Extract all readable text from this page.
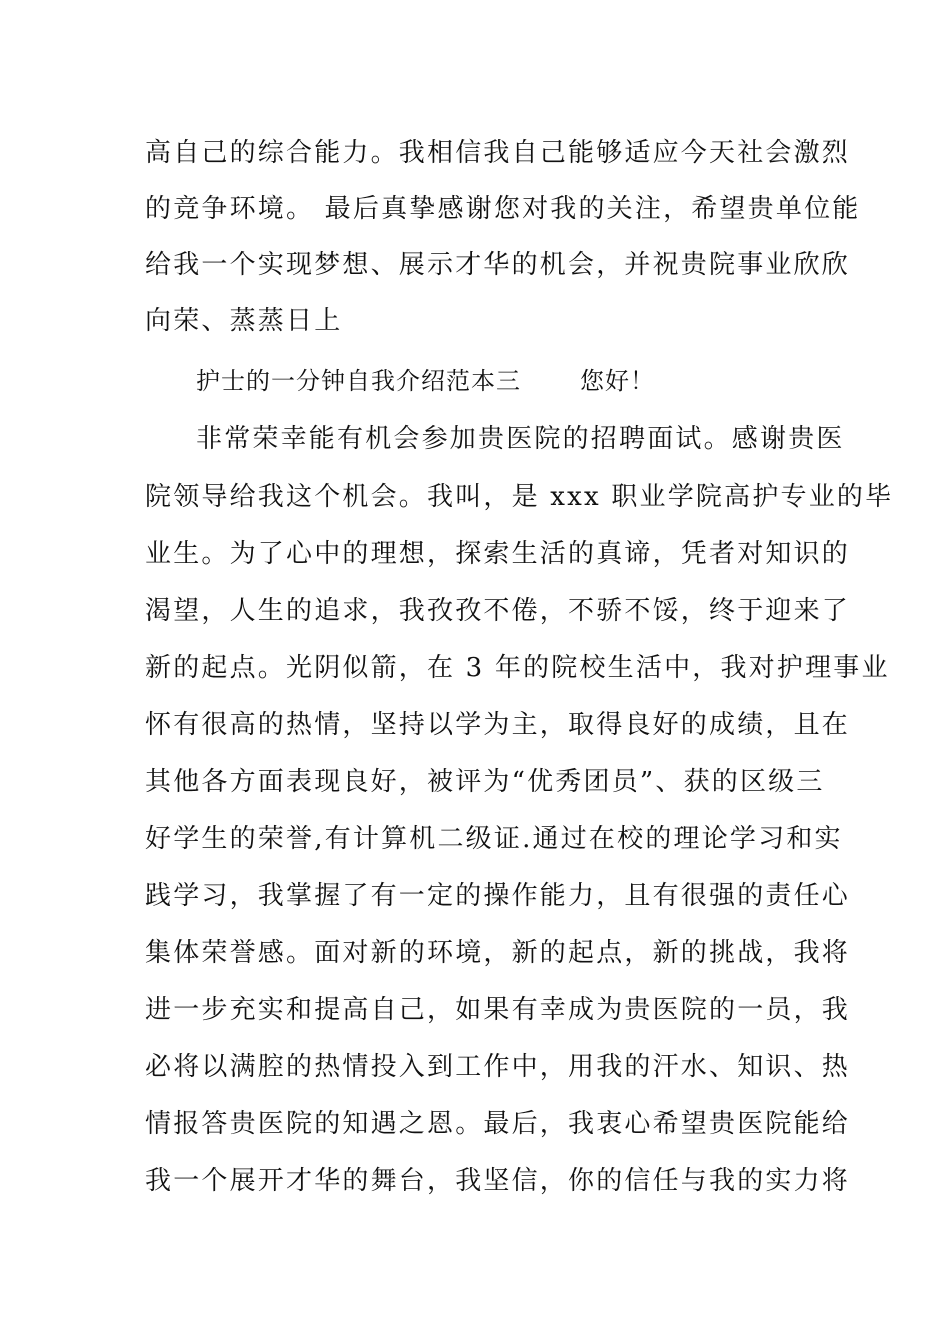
高自己的综合能力。我相信我自己能够适应今天社会激烈
的竞争环境。 最后真挚感谢您对我的关注，希望贵单位能
给我一个实现梦想、展示才华的机会，并祝贵院事业欣欣
向荣、蒸蒸日上
护士的一分钟自我介绍范本三 您好！
非常荣幸能有机会参加贵医院的招聘面试。感谢贵医
院领导给我这个机会。我叫，是 xxx 职业学院高护专业的毕
业生。为了心中的理想，探索生活的真谛，凭者对知识的
渴望，人生的追求，我孜孜不倦，不骄不馁，终于迎来了
新的起点。光阴似箭，在 3 年的院校生活中，我对护理事业
怀有很高的热情，坚持以学为主，取得良好的成绩，且在
其他各方面表现良好，被评为“优秀团员”、获的区级三
好学生的荣誉,有计算机二级证.通过在校的理论学习和实
践学习，我掌握了有一定的操作能力，且有很强的责任心
集体荣誉感。面对新的环境，新的起点，新的挑战，我将
进一步充实和提高自己，如果有幸成为贵医院的一员，我
必将以满腔的热情投入到工作中，用我的汗水、知识、热
情报答贵医院的知遇之恩。最后，我衷心希望贵医院能给
我一个展开才华的舞台，我坚信，你的信任与我的实力将
